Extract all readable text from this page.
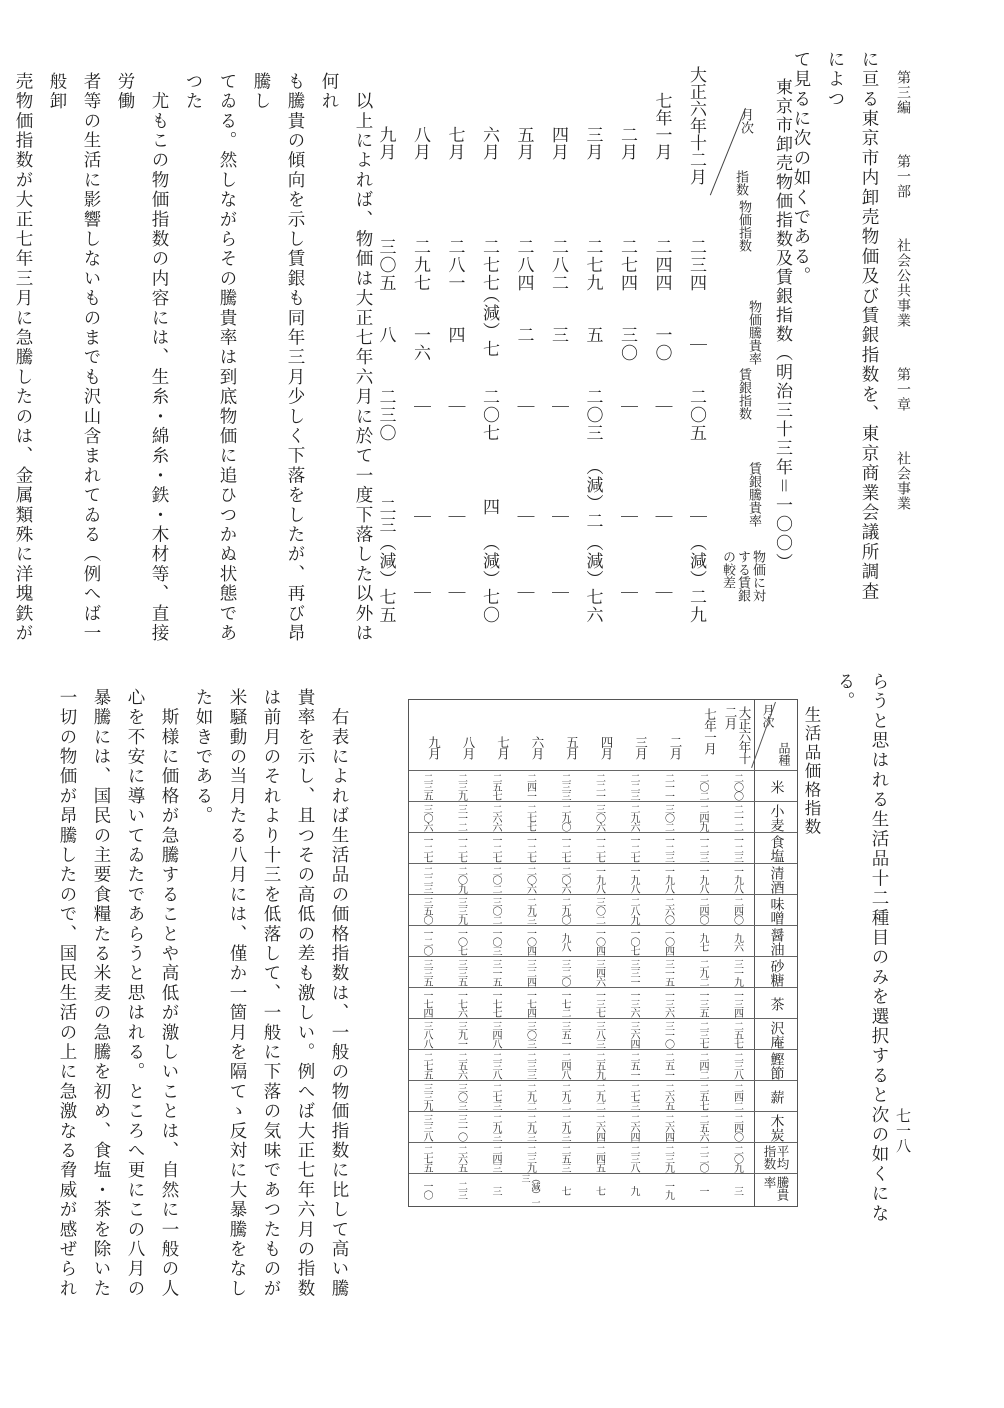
第三編 第一部 社会公共事業 第一章 社会事業
七一八
に亘る東京市内卸売物価及び賃銀指数を、東京商業会議所調査によつ
て見るに次の如くである。
東京市卸売物価指数及賃銀指数（明治三十三年＝一〇〇）
月次
指数
物価指数
物価騰貴率
賃銀指数
賃銀騰貴率
物価に対する賃銀の較差
大正六年十二月
二三四
｜
二〇五
｜
（減）二九
七年一月
二四四
一〇
｜
｜
｜
二月
二七四
三〇
｜
｜
｜
三月
二七九
五
二〇三
（減）二
（減）七六
四月
二八二
三
｜
｜
｜
五月
二八四
二
｜
｜
｜
六月
二七七
（減）七
二〇七
四
（減）七〇
七月
二八一
四
｜
｜
｜
八月
二九七
一六
｜
｜
｜
九月
三〇五
八
二三〇
二三
（減）七五
　以上によれば、物価は大正七年六月に於て一度下落した以外は何れ
も騰貴の傾向を示し賃銀も同年三月少しく下落をしたが、再び昂騰し
てゐる。然しながらその騰貴率は到底物価に追ひつかぬ状態であつた
　尤もこの物価指数の内容には、生糸・綿糸・鉄・木材等、直接労働
者等の生活に影響しないものまでも沢山含まれてゐる（例へば一般卸
売物価指数が大正七年三月に急騰したのは、金属類殊に洋塊鉄が
らうと思はれる生活品十二種目のみを選択すると次の如くになる。
生活品価格指数
月次
品種
大正六年十二月
七年一月
二月
三月
四月
五月
六月
七月
八月
九月
米
二〇〇
二〇二
二一一
二二三
二二一
二三三
二四一
二五七
二三九
二三五
小麦
二一二
二四九
三〇二
二九六
三〇六
二九〇
二七七
二六六
三一二
三〇六
食塩
一二三
一二三
一二三
一二七
一二七
一二七
一二七
一二七
一二七
一二七
清酒
一九八
一九八
一九八
一九八
一九八
二〇六
二〇六
二〇二
二〇九
二二三
味噌
二四〇
二四〇
二六〇
二八九
三〇二
二九〇
二九三
三〇二
三三九
三五〇
醤油
九六
九七
一〇四
一〇七
一〇四
九八
一〇四
一〇三
一〇七
一二〇
砂糖
三一九
二九二
三一五
三三一
三四六
三二〇
三二四
三一五
三三五
三三五
茶
一三四
一三五
一三六
一三六
一三七
一七二
一七四
一七七
一七六
一七四
沢庵
二五七
二三七
三一〇
三六四
三八三
三五一
三〇三
三四八
三九一
三八八
鰹節
二三八
二四二
二五一
二五一
二五九
二四八
二三三
二三八
二五六
二七五
薪
二四二
二五七
二六五
二七三
二九二
二九二
二九二
二七三
三〇三
三三九
木炭
二四〇
二五六
二六四
二六四
二六四
二九三
二九三
二九三
三一〇
三三八
平均指数
二〇九
二二〇
二三九
二三八
二四五
二五三
二三九
二四三
二六五
二七五
騰貴率
三
一
一九
九
七
七
（減）一三
三
二三
一〇
　右表によれば生活品の価格指数は、一般の物価指数に比して高い騰
貴率を示し、且つその高低の差も激しい。例へば大正七年六月の指数
は前月のそれより十三を低落して、一般に下落の気味であつたものが
米騒動の当月たる八月には、僅か一箇月を隔てゝ反対に大暴騰をなし
た如きである。
　斯様に価格が急騰することや高低が激しいことは、自然に一般の人
心を不安に導いてゐたであらうと思はれる。ところへ更にこの八月の
暴騰には、国民の主要食糧たる米麦の急騰を初め、食塩・茶を除いた
一切の物価が昂騰したので、国民生活の上に急激なる脅威が感ぜられ
